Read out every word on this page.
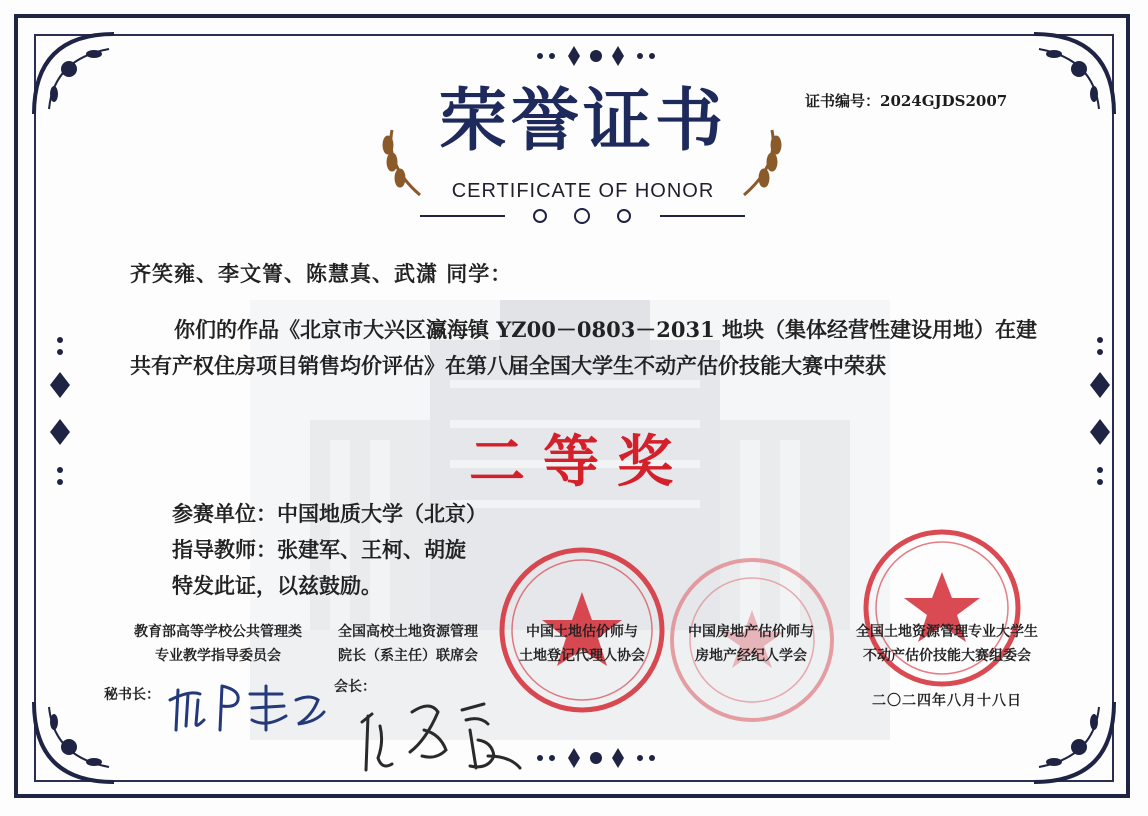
证书编号：2024GJDS2007
荣誉证书
CERTIFICATE OF HONOR
齐笑雍、李文箐、陈慧真、武潇 同学：
你们的作品《北京市大兴区瀛海镇 YZ00－0803－2031 地块（集体经营性建设用地）在建共有产权住房项目销售均价评估》在第八届全国大学生不动产估价技能大赛中荣获
二等奖
参赛单位：中国地质大学（北京）
指导教师：张建军、王柯、胡旋
特发此证，以兹鼓励。
教育部高等学校公共管理类
专业教学指导委员会
全国高校土地资源管理
院长（系主任）联席会
中国土地估价师与
土地登记代理人协会
中国房地产估价师与
房地产经纪人学会
全国土地资源管理专业大学生
不动产估价技能大赛组委会
秘书长：	会长：
二〇二四年八月十八日
